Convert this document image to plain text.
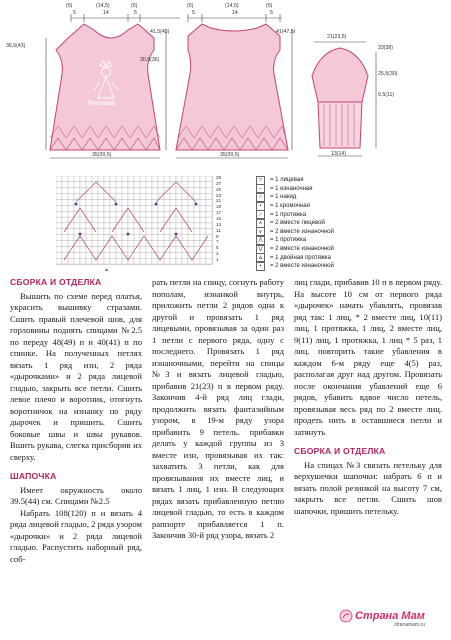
(5)	(14,5)	(5)
5	14	5
36,5(43)
30,5(36)
41,5(48)
35(39,5)
Princess
(5)	(14,5)	(5)
5	14	5
41(47,5)
35(39,5)
21(23,5)
33(38)
25,5(30)
9,5(11)
13(14)
29
27
25
23
21
19
17
15
13
11
9
7
5
3
1
▲
□	= 1 лицевая
−	= 1 изнаночная
○	= 1 накид
•	= 1 кромочная
∕	= 1 протяжка
∧	= 2 вместе лицевой
∨	= 2 вместе изнаночной
⋀	= 1 протяжка
⋁	= 2 вместе изнаночной
∆	= 1 двойная протяжка
▪	= 2 вместе изнаночной
СБОРКА И ОТДЕЛКА

Вышить по схеме перед платья, украсить вышивку стразами. Сшить правый плечевой шов, для горловины поднять спицами №2.5 по переду 48(49) п и 40(41) п по спинке. На полученных петлях вязать 1 ряд изн, 2 ряда «дырочками» и 2 ряда лицевой гладью, закрыть все петли. Сшить левое плечо и воротник, отогнуть воротничок на изнанку по ряду дырочек и пришить. Сшить боковые швы и швы рукавов. Вшить рукава, слегка присборив их сверху.

ШАПОЧКА

Имеет окружность около 39.5(44) см. Спицами №2.5

Набрать 108(120) п и вязать 4 ряда лицевой гладью, 2 ряда узором «дырочки» и 2 ряда лицевой гладью. Распустить наборный ряд, соб-

рать петли на спицу, согнуть работу пополам, изнанкой внутрь, приложить петли 2 рядов одна к другой и провязать 1 ряд лицевыми, провязывая за один раз 1 петли с первого ряда, одну с последнего. Провязать 1 ряд изнаночными, перейти на спицы №3 и вязать лицевой гладью, прибавив 21(23) п в первом ряду. Закончив 4-й ряд лиц глади, продолжить вязать фантазийным узором, в 19-м ряду узора прибавить 9 петель. прибавки делать у каждой группы из 3 вместе изн, провязывая их так: захватить 3 петли, как для провязывания их вместе лиц, и вязать 1 лиц, 1 изн. В следующих рядах вязать прибавленную петлю лицевой гладью, то есть в каждом раппорте прибавляется 1 п. Закончив 30-й ряд узора, вязать 2

лиц глади, прибавив 10 п в первом ряду. На высоте 10 см от первого ряда «дырочек» начать убавлять, провязав ряд так: 1 лиц, * 2 вместе лиц, 10(11) лиц, 1 протяжка, 1 лиц, 2 вместе лиц, 9(11) лиц, 1 протяжка, 1 лиц * 5 раз, 1 лиц. повторить такие убавления в каждом 6-м ряду еще 4(5) раз, располагая друг над другом. Провязать после окончания убавлений еще 6 рядов, убавить вдвое число петель, провязывая весь ряд по 2 вместе лиц. продеть нить в оставшиеся петли и затянуть

СБОРКА И ОТДЕЛКА

На спицах №3 связать петельку для верхушечки шапочки: набрать 6 п и вязать полой резинкой на высоту 7 см, закрыть все петли. Сшить шов шапочки, пришить петельку.

Страна Мам
stranamam.ru
